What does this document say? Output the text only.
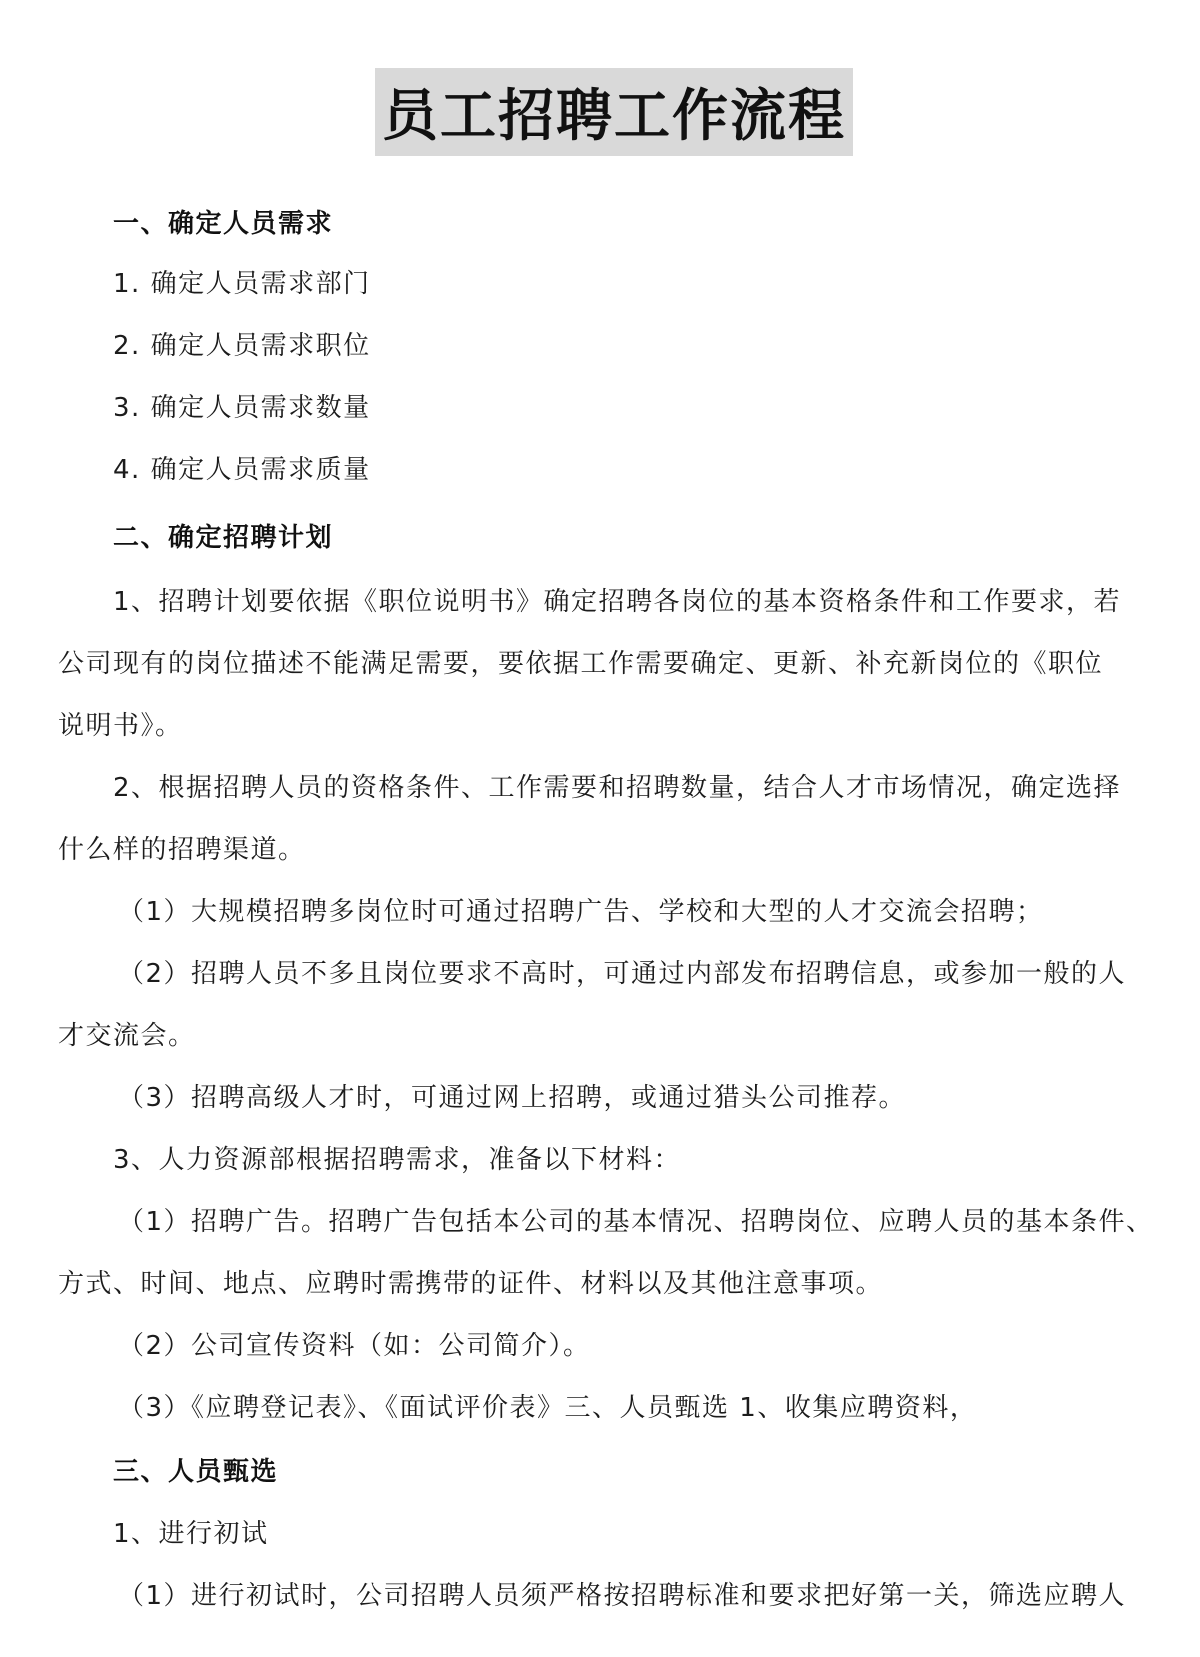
员工招聘工作流程
一、确定人员需求
1. 确定人员需求部门
2. 确定人员需求职位
3. 确定人员需求数量
4. 确定人员需求质量
二、确定招聘计划
1、招聘计划要依据《职位说明书》确定招聘各岗位的基本资格条件和工作要求，若
公司现有的岗位描述不能满足需要，要依据工作需要确定、更新、补充新岗位的《职位
说明书》。
2、根据招聘人员的资格条件、工作需要和招聘数量，结合人才市场情况，确定选择
什么样的招聘渠道。
（1）大规模招聘多岗位时可通过招聘广告、学校和大型的人才交流会招聘；
（2）招聘人员不多且岗位要求不高时，可通过内部发布招聘信息，或参加一般的人
才交流会。
（3）招聘高级人才时，可通过网上招聘，或通过猎头公司推荐。
3、人力资源部根据招聘需求，准备以下材料：
（1）招聘广告。招聘广告包括本公司的基本情况、招聘岗位、应聘人员的基本条件、
方式、时间、地点、应聘时需携带的证件、材料以及其他注意事项。
（2）公司宣传资料（如：公司简介）。
（3）《应聘登记表》、《面试评价表》三、人员甄选 1、收集应聘资料，
三、人员甄选
1、进行初试
（1）进行初试时，公司招聘人员须严格按招聘标准和要求把好第一关，筛选应聘人
